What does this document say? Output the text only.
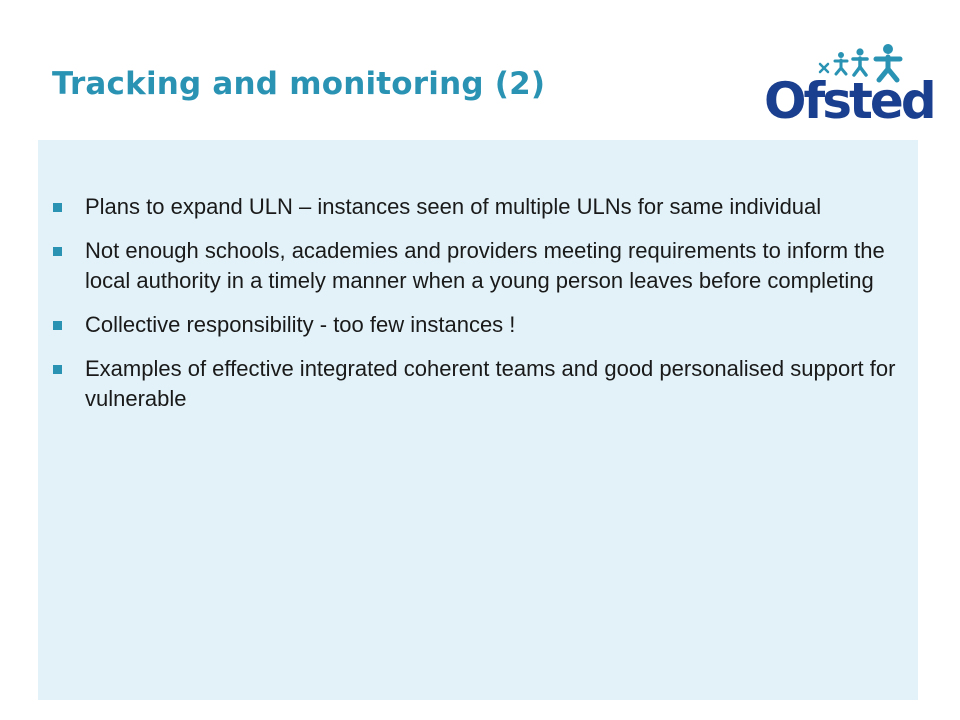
Tracking and monitoring (2)	Ofsted
Plans to expand ULN – instances seen of multiple ULNs for same individual
Not enough schools, academies and providers meeting requirements to inform the local authority in a timely manner when a young person leaves before completing
Collective responsibility - too few instances !
Examples of effective integrated coherent teams and good personalised support for vulnerable
